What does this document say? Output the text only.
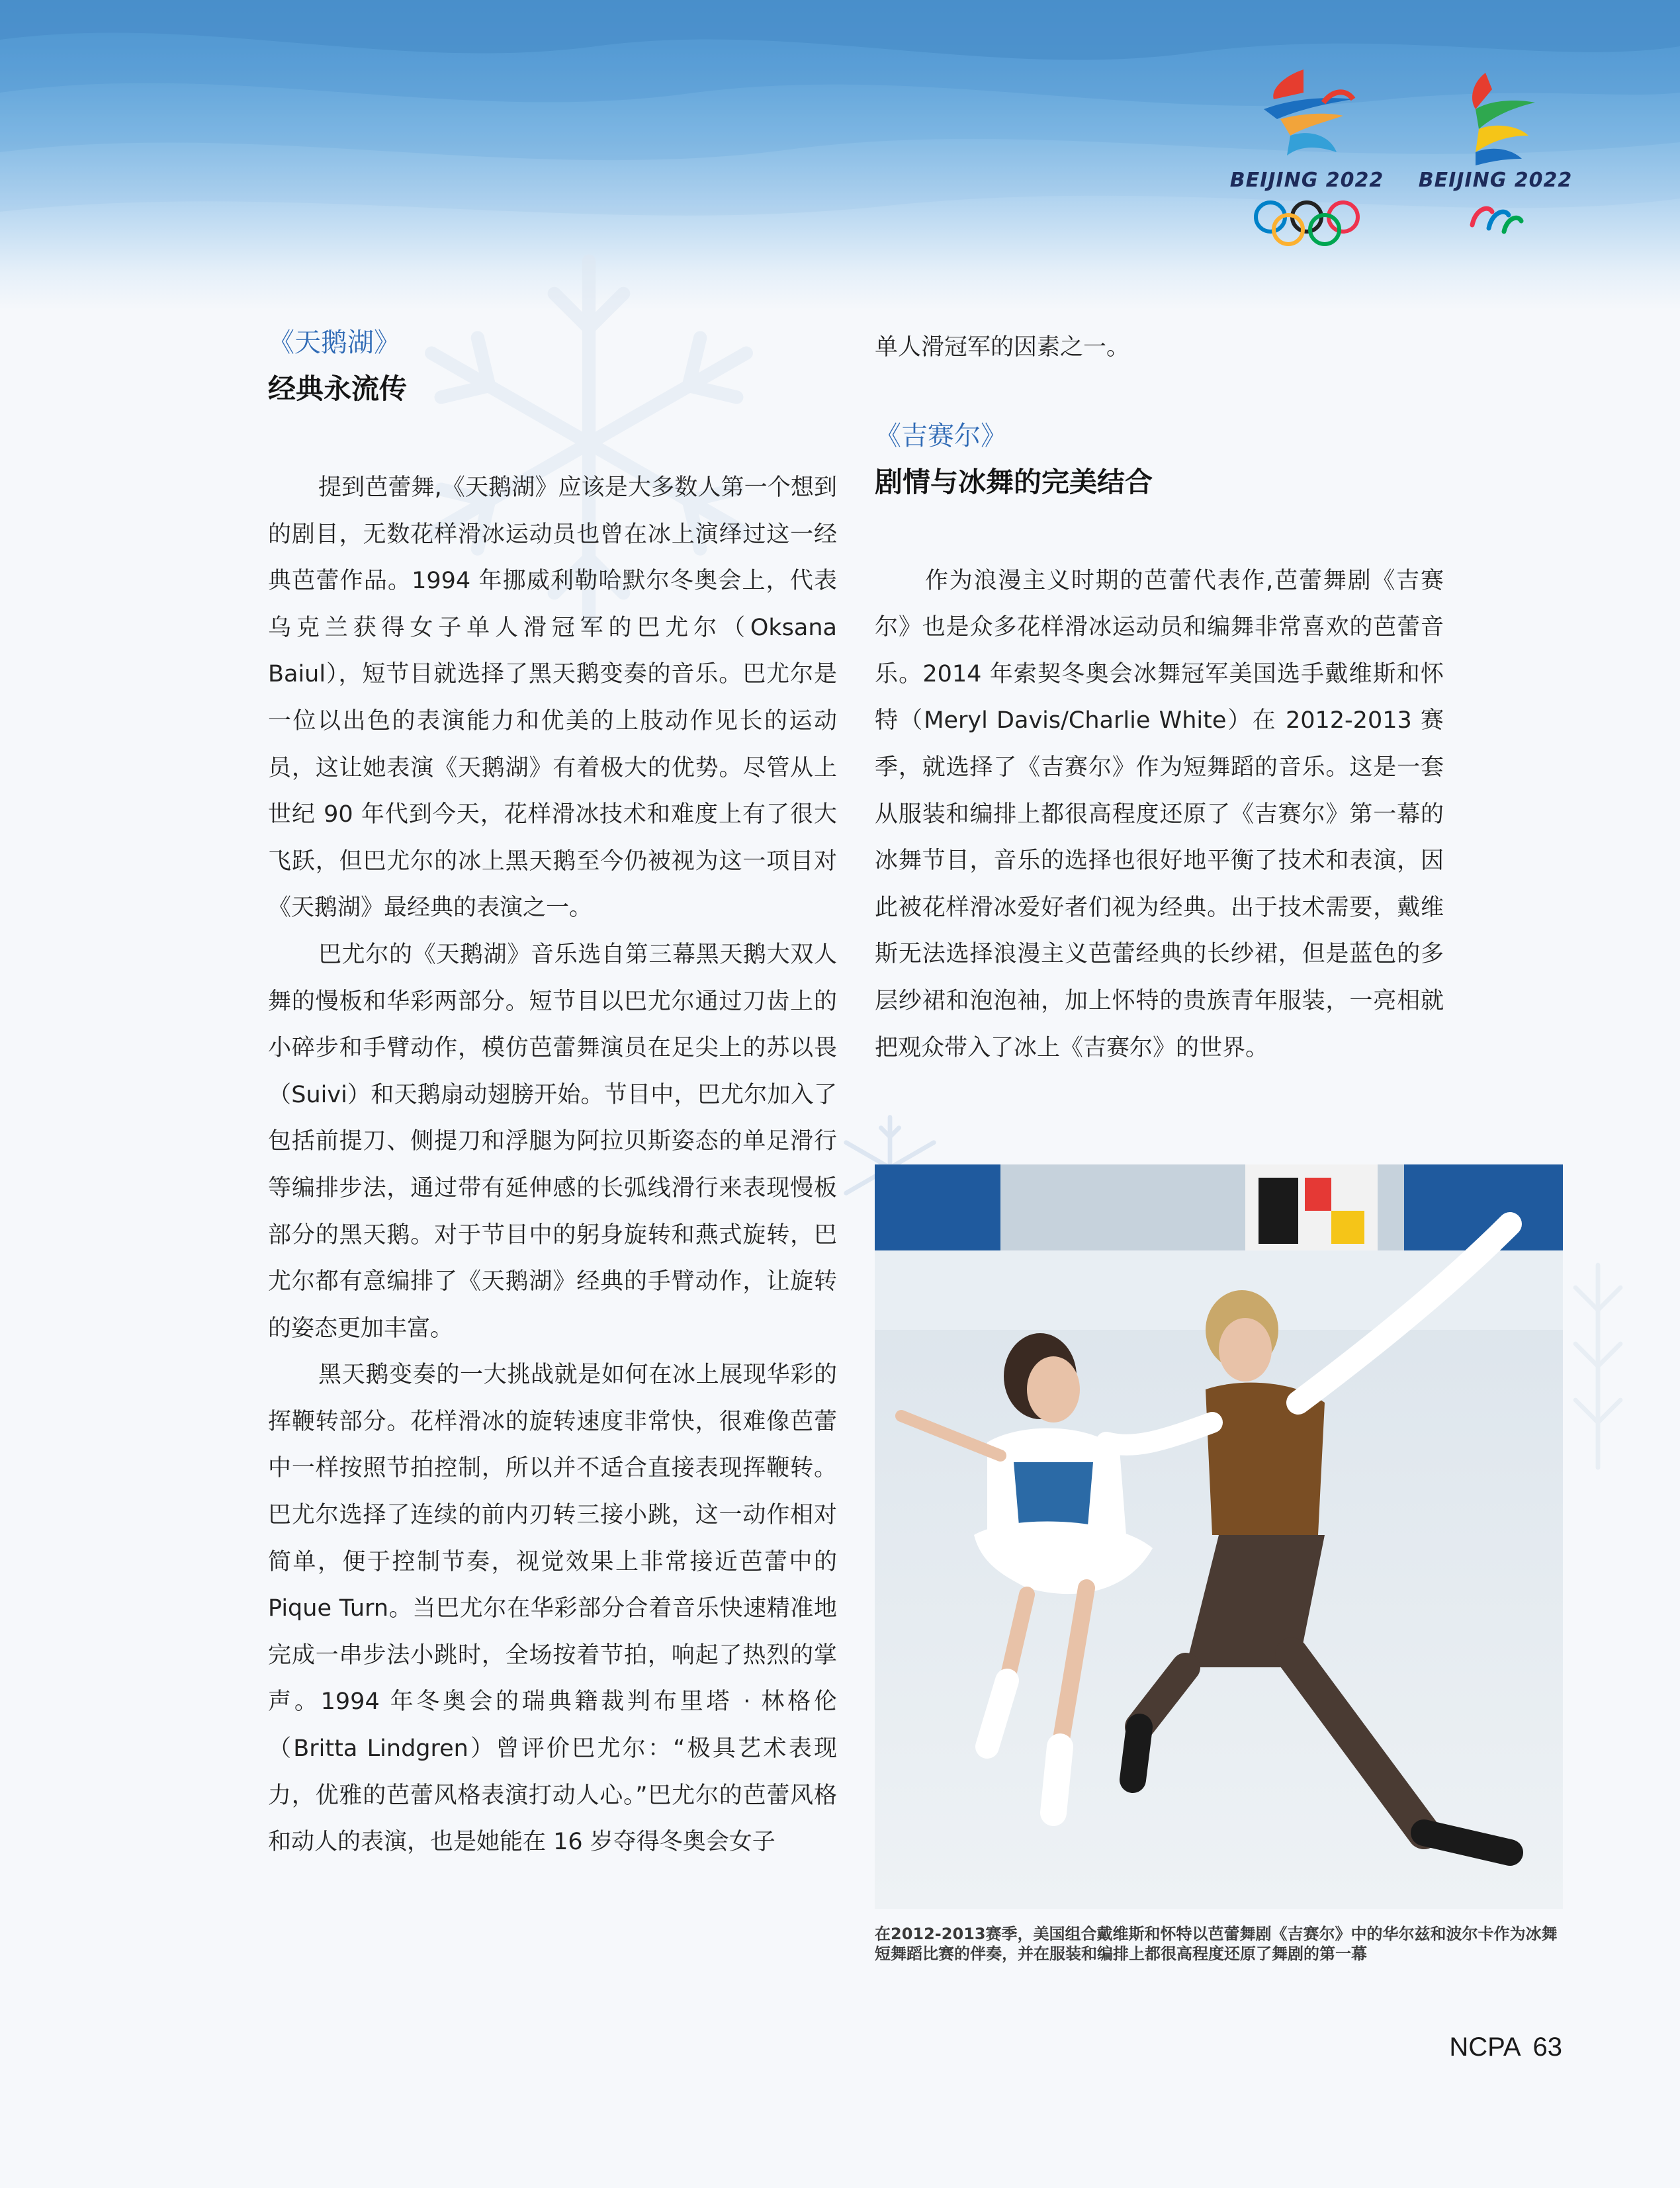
BEIJING 2022 BEIJING 2022

《天鹅湖》

经典永流传

提到芭蕾舞,《天鹅湖》应该是大多数人第一个想到的剧目，无数花样滑冰运动员也曾在冰上演绎过这一经典芭蕾作品。1994 年挪威利勒哈默尔冬奥会上，代表乌克兰获得女子单人滑冠军的巴尤尔（Oksana Baiul），短节目就选择了黑天鹅变奏的音乐。巴尤尔是一位以出色的表演能力和优美的上肢动作见长的运动员，这让她表演《天鹅湖》有着极大的优势。尽管从上世纪 90 年代到今天，花样滑冰技术和难度上有了很大飞跃，但巴尤尔的冰上黑天鹅至今仍被视为这一项目对《天鹅湖》最经典的表演之一。

巴尤尔的《天鹅湖》音乐选自第三幕黑天鹅大双人舞的慢板和华彩两部分。短节目以巴尤尔通过刀齿上的小碎步和手臂动作，模仿芭蕾舞演员在足尖上的苏以畏（Suivi）和天鹅扇动翅膀开始。节目中，巴尤尔加入了包括前提刀、侧提刀和浮腿为阿拉贝斯姿态的单足滑行等编排步法，通过带有延伸感的长弧线滑行来表现慢板部分的黑天鹅。对于节目中的躬身旋转和燕式旋转，巴尤尔都有意编排了《天鹅湖》经典的手臂动作，让旋转的姿态更加丰富。

黑天鹅变奏的一大挑战就是如何在冰上展现华彩的挥鞭转部分。花样滑冰的旋转速度非常快，很难像芭蕾中一样按照节拍控制，所以并不适合直接表现挥鞭转。巴尤尔选择了连续的前内刃转三接小跳，这一动作相对简单，便于控制节奏，视觉效果上非常接近芭蕾中的 Pique Turn。当巴尤尔在华彩部分合着音乐快速精准地完成一串步法小跳时，全场按着节拍，响起了热烈的掌声。1994 年冬奥会的瑞典籍裁判布里塔 · 林格伦（Britta Lindgren）曾评价巴尤尔：“极具艺术表现力，优雅的芭蕾风格表演打动人心。”巴尤尔的芭蕾风格和动人的表演，也是她能在 16 岁夺得冬奥会女子

单人滑冠军的因素之一。

《吉赛尔》

剧情与冰舞的完美结合

作为浪漫主义时期的芭蕾代表作,芭蕾舞剧《吉赛尔》也是众多花样滑冰运动员和编舞非常喜欢的芭蕾音乐。2014 年索契冬奥会冰舞冠军美国选手戴维斯和怀特（Meryl Davis/Charlie White）在 2012-2013 赛季，就选择了《吉赛尔》作为短舞蹈的音乐。这是一套从服装和编排上都很高程度还原了《吉赛尔》第一幕的冰舞节目，音乐的选择也很好地平衡了技术和表演，因此被花样滑冰爱好者们视为经典。出于技术需要，戴维斯无法选择浪漫主义芭蕾经典的长纱裙，但是蓝色的多层纱裙和泡泡袖，加上怀特的贵族青年服装，一亮相就把观众带入了冰上《吉赛尔》的世界。

在2012-2013赛季，美国组合戴维斯和怀特以芭蕾舞剧《吉赛尔》中的华尔兹和波尔卡作为冰舞短舞蹈比赛的伴奏，并在服装和编排上都很高程度还原了舞剧的第一幕

NCPA 63
